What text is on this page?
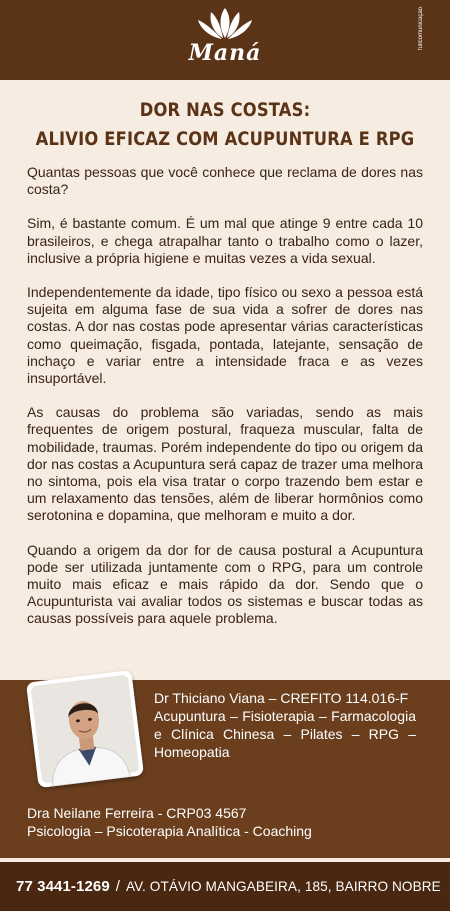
Maná
fullcomunicação
DOR NAS COSTAS:
ALIVIO EFICAZ COM ACUPUNTURA E RPG

Quantas pessoas que você conhece que reclama de dores nas costa?

Sim, é bastante comum. É um mal que atinge 9 entre cada 10 brasileiros, e chega atrapalhar tanto o trabalho como o lazer, inclusive a própria higiene e muitas vezes a vida sexual.

Independentemente da idade, tipo físico ou sexo a pessoa está sujeita em alguma fase de sua vida a sofrer de dores nas costas. A dor nas costas pode apresentar várias características como queimação, fisgada, pontada, latejante, sensação de inchaço e variar entre a intensidade fraca e as vezes insuportável.

As causas do problema são variadas, sendo as mais frequentes de origem postural, fraqueza muscular, falta de mobilidade, traumas. Porém independente do tipo ou origem da dor nas costas a Acupuntura será capaz de trazer uma melhora no sintoma, pois ela visa tratar o corpo trazendo bem estar e um relaxamento das tensões, além de liberar hormônios como serotonina e dopamina, que melhoram e muito a dor.

Quando a origem da dor for de causa postural a Acupuntura pode ser utilizada juntamente com o RPG, para um controle muito mais eficaz e mais rápido da dor. Sendo que o Acupunturista vai avaliar todos os sistemas e buscar todas as causas possíveis para aquele problema.

Dr Thiciano Viana – CREFITO 114.016-F
Acupuntura – Fisioterapia – Farmacologia e Clínica Chinesa – Pilates – RPG – Homeopatia
Dra Neilane Ferreira - CRP03 4567
Psicologia – Psicoterapia Analítica - Coaching
77 3441-1269 / AV. OTÁVIO MANGABEIRA, 185, BAIRRO NOBRE
